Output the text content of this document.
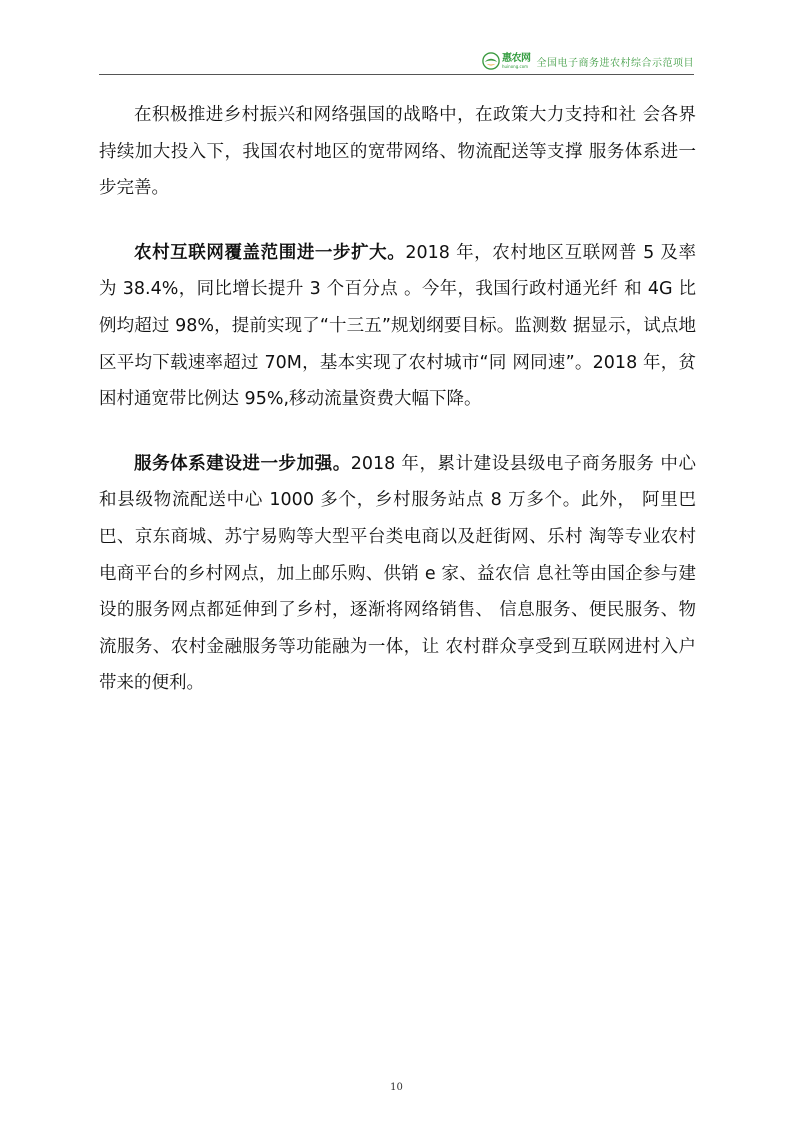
惠农网
huinong.com 全国电子商务进农村综合示范项目

在积极推进乡村振兴和网络强国的战略中，在政策大力支持和社 会各界持续加大投入下，我国农村地区的宽带网络、物流配送等支撑 服务体系进一步完善。

农村互联网覆盖范围进一步扩大。2018 年，农村地区互联网普 5 及率为 38.4%，同比增长提升 3 个百分点 。今年，我国行政村通光纤 和 4G 比例均超过 98%，提前实现了“十三五”规划纲要目标。监测数 据显示，试点地区平均下载速率超过 70M，基本实现了农村城市“同 网同速”。2018 年，贫困村通宽带比例达 95%,移动流量资费大幅下降。

服务体系建设进一步加强。2018 年，累计建设县级电子商务服务 中心和县级物流配送中心 1000 多个，乡村服务站点 8 万多个。此外， 阿里巴巴、京东商城、苏宁易购等大型平台类电商以及赶街网、乐村 淘等专业农村电商平台的乡村网点，加上邮乐购、供销 e 家、益农信 息社等由国企参与建设的服务网点都延伸到了乡村，逐渐将网络销售、 信息服务、便民服务、物流服务、农村金融服务等功能融为一体，让 农村群众享受到互联网进村入户带来的便利。

10
